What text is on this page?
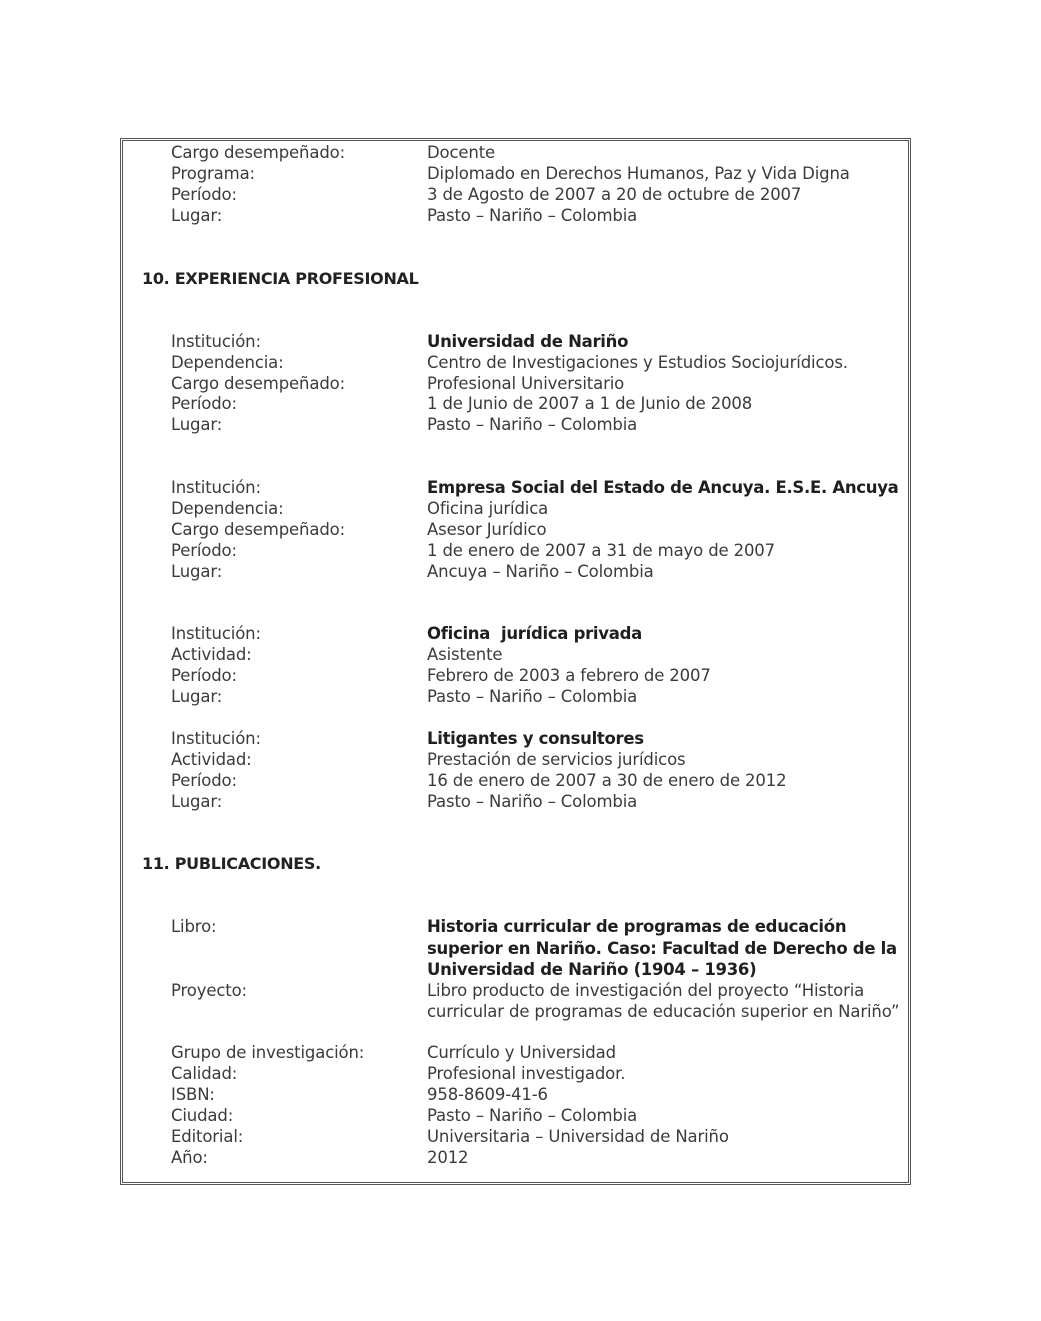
Cargo desempeñado:	Docente
Programa:	Diplomado en Derechos Humanos, Paz y Vida Digna
Período:	3 de Agosto de 2007 a 20 de octubre de 2007
Lugar:	Pasto – Nariño – Colombia
10. EXPERIENCIA PROFESIONAL
Institución:	Universidad de Nariño
Dependencia:	Centro de Investigaciones y Estudios Sociojurídicos.
Cargo desempeñado:	Profesional Universitario
Período:	1 de Junio de 2007 a 1 de Junio de 2008
Lugar:	Pasto – Nariño – Colombia
Institución:	Empresa Social del Estado de Ancuya. E.S.E. Ancuya
Dependencia:	Oficina jurídica
Cargo desempeñado:	Asesor Jurídico
Período:	1 de enero de 2007 a 31 de mayo de 2007
Lugar:	Ancuya – Nariño – Colombia
Institución:	Oficina  jurídica privada
Actividad:	Asistente
Período:	Febrero de 2003 a febrero de 2007
Lugar:	Pasto – Nariño – Colombia
Institución:	Litigantes y consultores
Actividad:	Prestación de servicios jurídicos
Período:	16 de enero de 2007 a 30 de enero de 2012
Lugar:	Pasto – Nariño – Colombia
11. PUBLICACIONES.
Libro:	Historia curricular de programas de educación superior en Nariño. Caso: Facultad de Derecho de la Universidad de Nariño (1904 – 1936)
Proyecto:	Libro producto de investigación del proyecto “Historia curricular de programas de educación superior en Nariño”
Grupo de investigación:	Currículo y Universidad
Calidad:	Profesional investigador.
ISBN:	958-8609-41-6
Ciudad:	Pasto – Nariño – Colombia
Editorial:	Universitaria – Universidad de Nariño
Año:	2012
